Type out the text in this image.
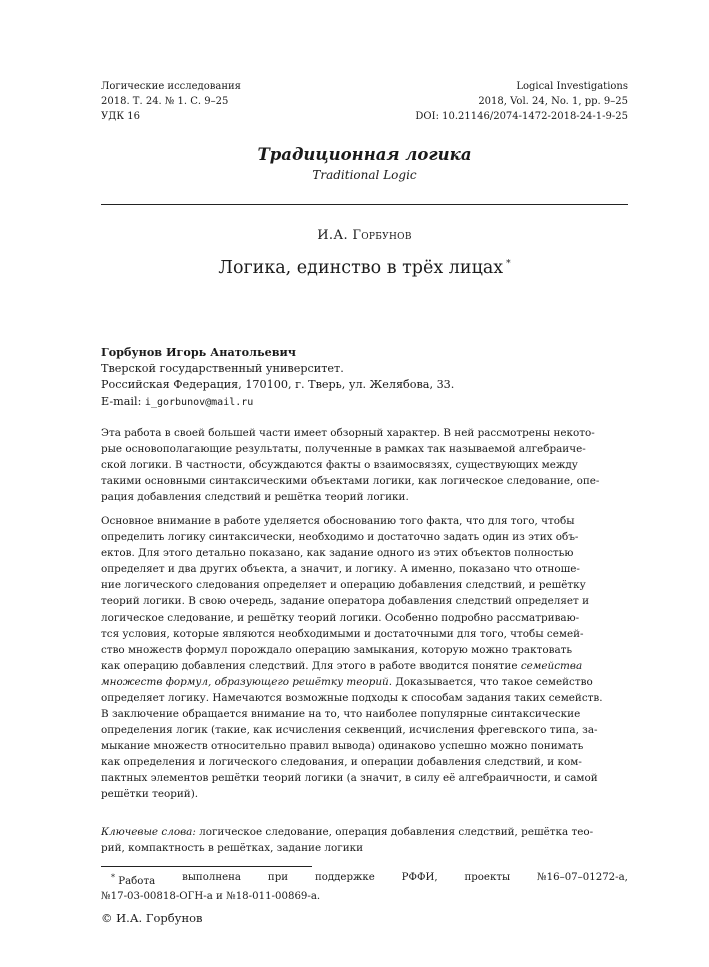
Логические исследования
2018. Т. 24. № 1. С. 9–25
УДК 16
Logical Investigations
2018, Vol. 24, No. 1, pp. 9–25
DOI: 10.21146/2074-1472-2018-24-1-9-25
Традиционная логика
Traditional Logic
И.А. Горбунов
Логика, единство в трёх лицах *
Горбунов Игорь Анатольевич
Тверской государственный университет.
Российская Федерация, 170100, г. Тверь, ул. Желябова, 33.
E-mail: i_gorbunov@mail.ru
Эта работа в своей большей части имеет обзорный характер. В ней рассмотрены некото-
рые основополагающие результаты, полученные в рамках так называемой алгебраиче-
ской логики. В частности, обсуждаются факты о взаимосвязях, существующих между
такими основными синтаксическими объектами логики, как логическое следование, опе-
рация добавления следствий и решётка теорий логики.
Основное внимание в работе уделяется обоснованию того факта, что для того, чтобы
определить логику синтаксически, необходимо и достаточно задать один из этих объ-
ектов. Для этого детально показано, как задание одного из этих объектов полностью
определяет и два других объекта, а значит, и логику. А именно, показано что отноше-
ние логического следования определяет и операцию добавления следствий, и решётку
теорий логики. В свою очередь, задание оператора добавления следствий определяет и
логическое следование, и решётку теорий логики. Особенно подробно рассматриваю-
тся условия, которые являются необходимыми и достаточными для того, чтобы семей-
ство множеств формул порождало операцию замыкания, которую можно трактовать
как операцию добавления следствий. Для этого в работе вводится понятие семейства
множеств формул, образующего решётку теорий. Доказывается, что такое семейство
определяет логику. Намечаются возможные подходы к способам задания таких семейств.
В заключение обращается внимание на то, что наиболее популярные синтаксические
определения логик (такие, как исчисления секвенций, исчисления фрегевского типа, за-
мыкание множеств относительно правил вывода) одинаково успешно можно понимать
как определения и логического следования, и операции добавления следствий, и ком-
пактных элементов решётки теорий логики (а значит, в силу её алгебраичности, и самой
решётки теорий).
Ключевые слова: логическое следование, операция добавления следствий, решётка тео-
рий, компактность в решётках, задание логики
* Работа	выполнена	при	поддержке	РФФИ,	проекты	№16–07–01272-а,
№17-03-00818-ОГН-а и №18-011-00869-а.
© И.А. Горбунов
